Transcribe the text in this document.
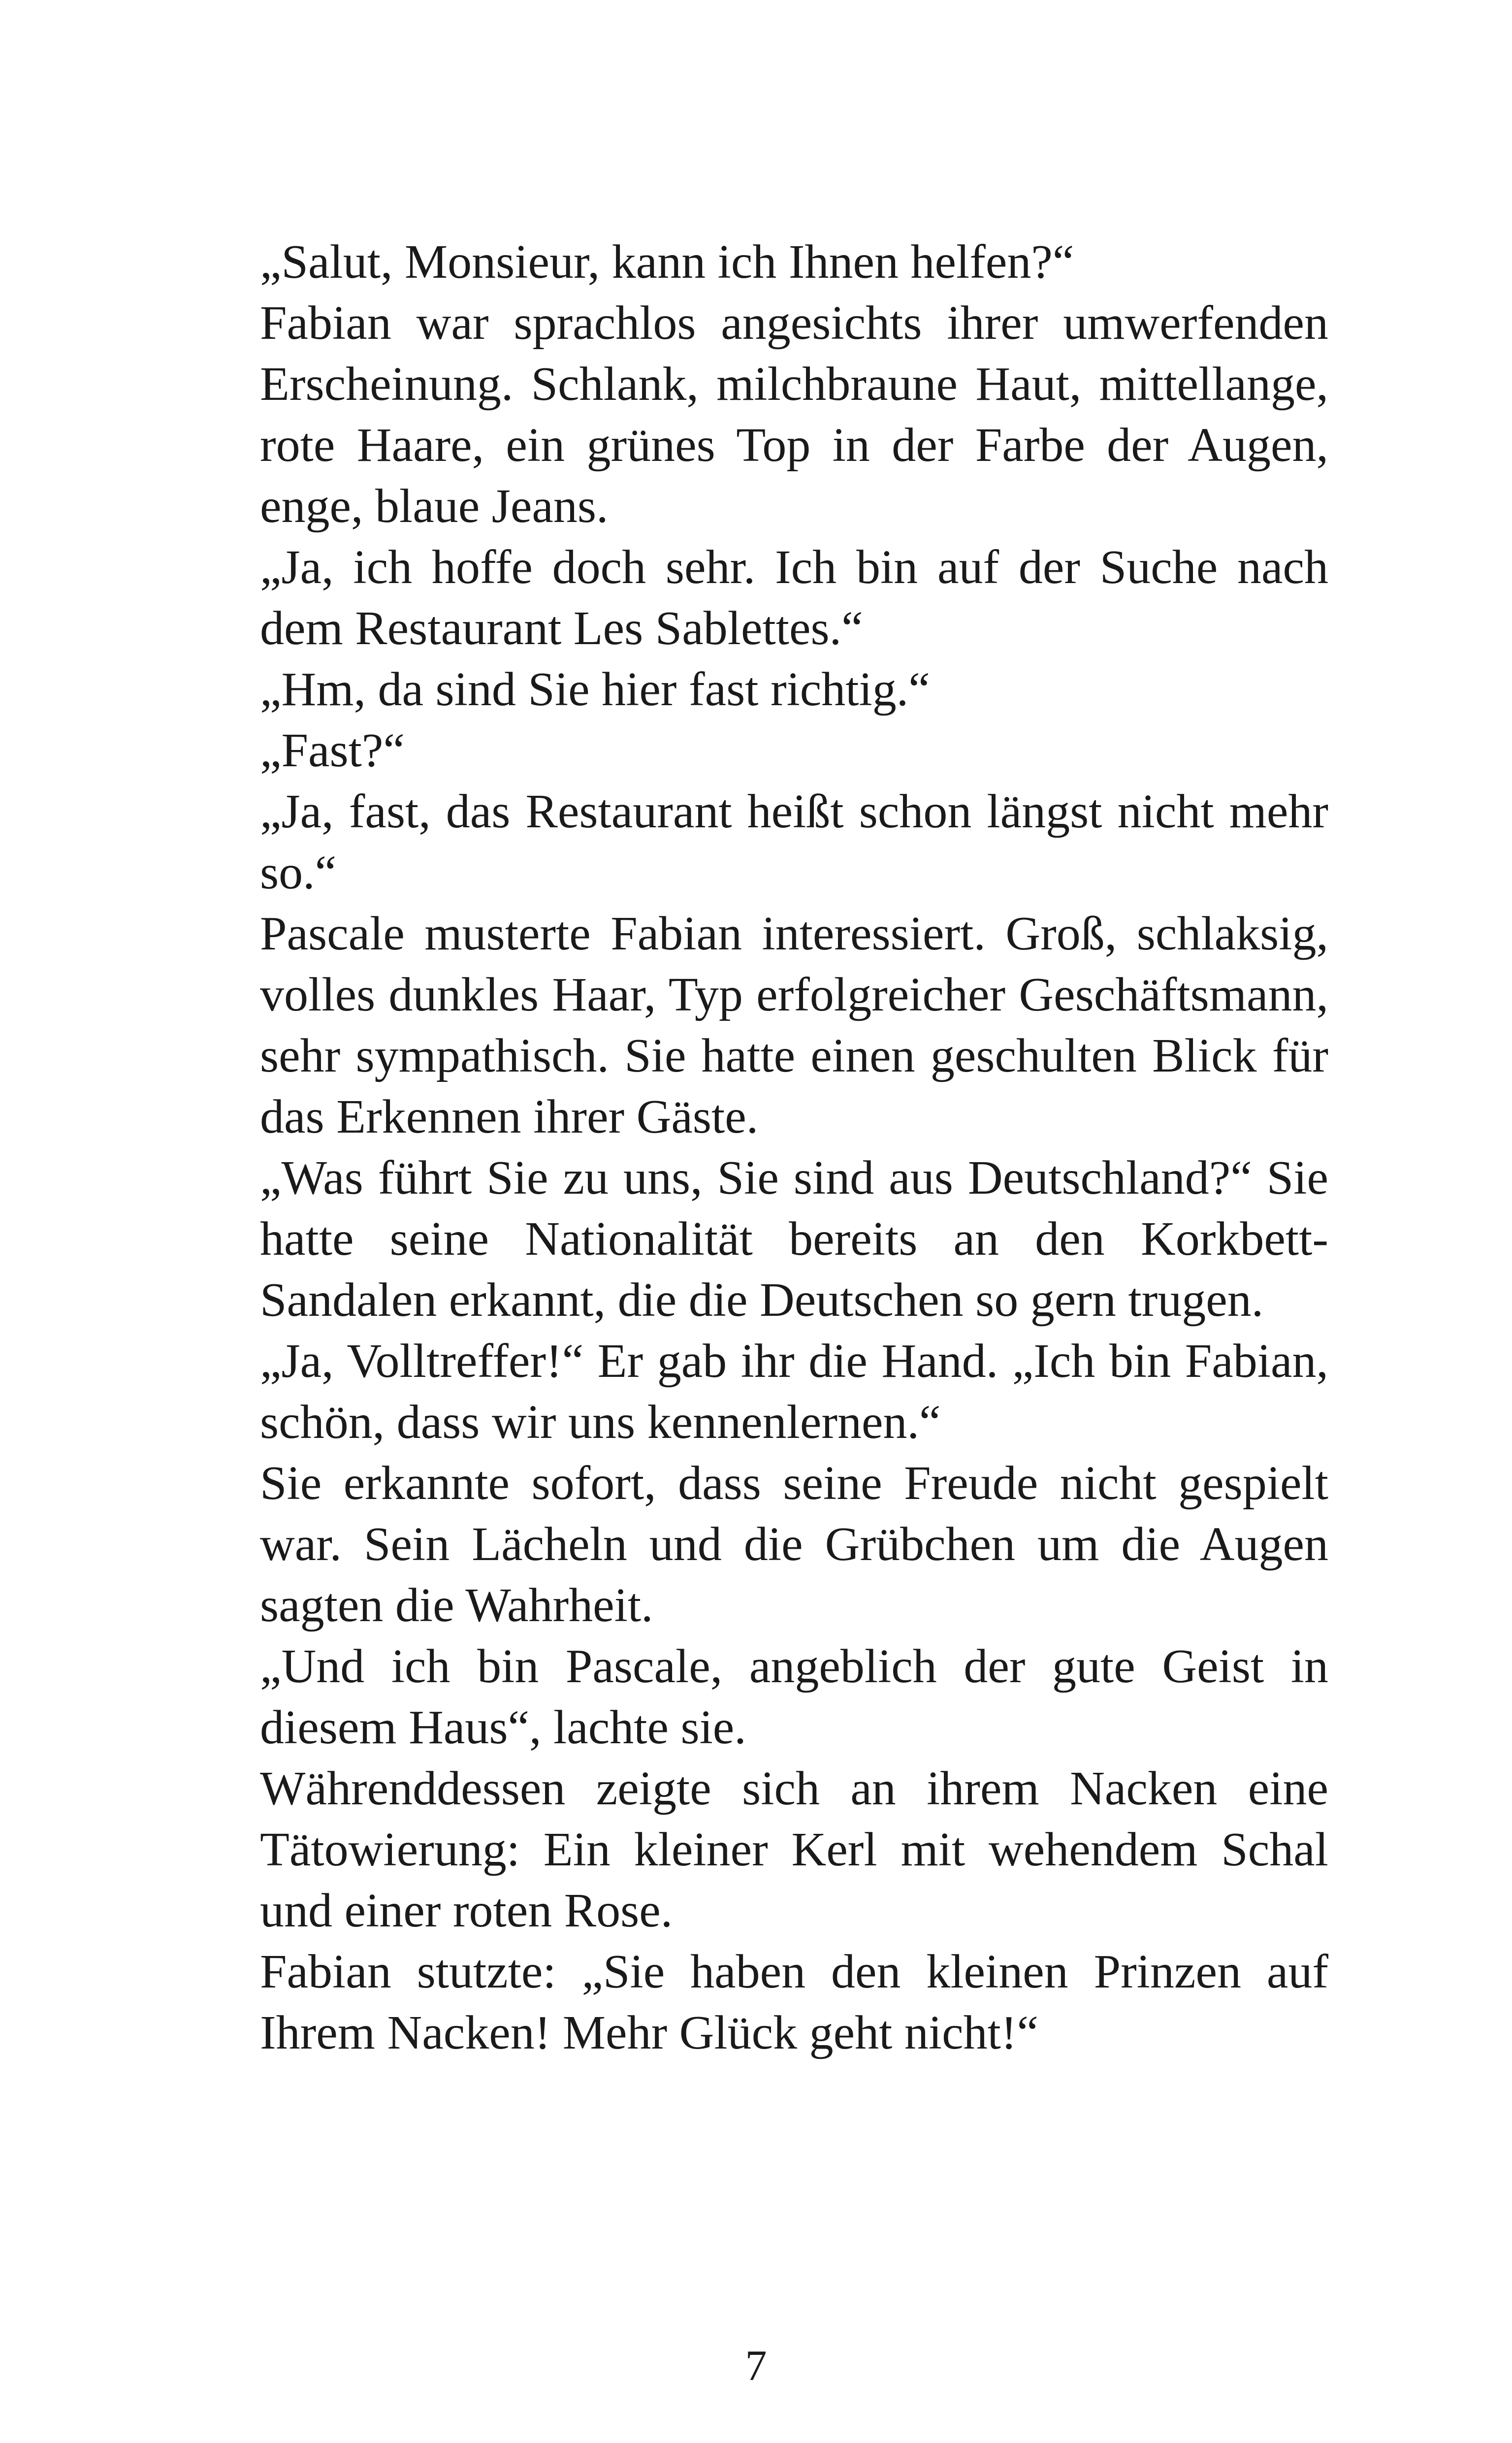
„Salut, Monsieur, kann ich Ihnen helfen?“

Fabian war sprachlos angesichts ihrer umwerfenden Erscheinung. Schlank, milchbraune Haut, mittellange, rote Haare, ein grünes Top in der Farbe der Augen, enge, blaue Jeans.

„Ja, ich hoffe doch sehr. Ich bin auf der Suche nach dem Restaurant Les Sablettes.“

„Hm, da sind Sie hier fast richtig.“

„Fast?“

„Ja, fast, das Restaurant heißt schon längst nicht mehr so.“

Pascale musterte Fabian interessiert. Groß, schlaksig, volles dunkles Haar, Typ erfolgreicher Geschäftsmann, sehr sympathisch. Sie hatte einen geschulten Blick für das Erkennen ihrer Gäste.

„Was führt Sie zu uns, Sie sind aus Deutschland?“ Sie hatte seine Nationalität bereits an den Korkbett-Sandalen erkannt, die die Deutschen so gern trugen.

„Ja, Volltreffer!“ Er gab ihr die Hand. „Ich bin Fabian, schön, dass wir uns kennenlernen.“

Sie erkannte sofort, dass seine Freude nicht gespielt war. Sein Lächeln und die Grübchen um die Augen sagten die Wahrheit.

„Und ich bin Pascale, angeblich der gute Geist in diesem Haus“, lachte sie.

Währenddessen zeigte sich an ihrem Nacken eine Tätowierung: Ein kleiner Kerl mit wehendem Schal und einer roten Rose.

Fabian stutzte: „Sie haben den kleinen Prinzen auf Ihrem Nacken! Mehr Glück geht nicht!“

7
